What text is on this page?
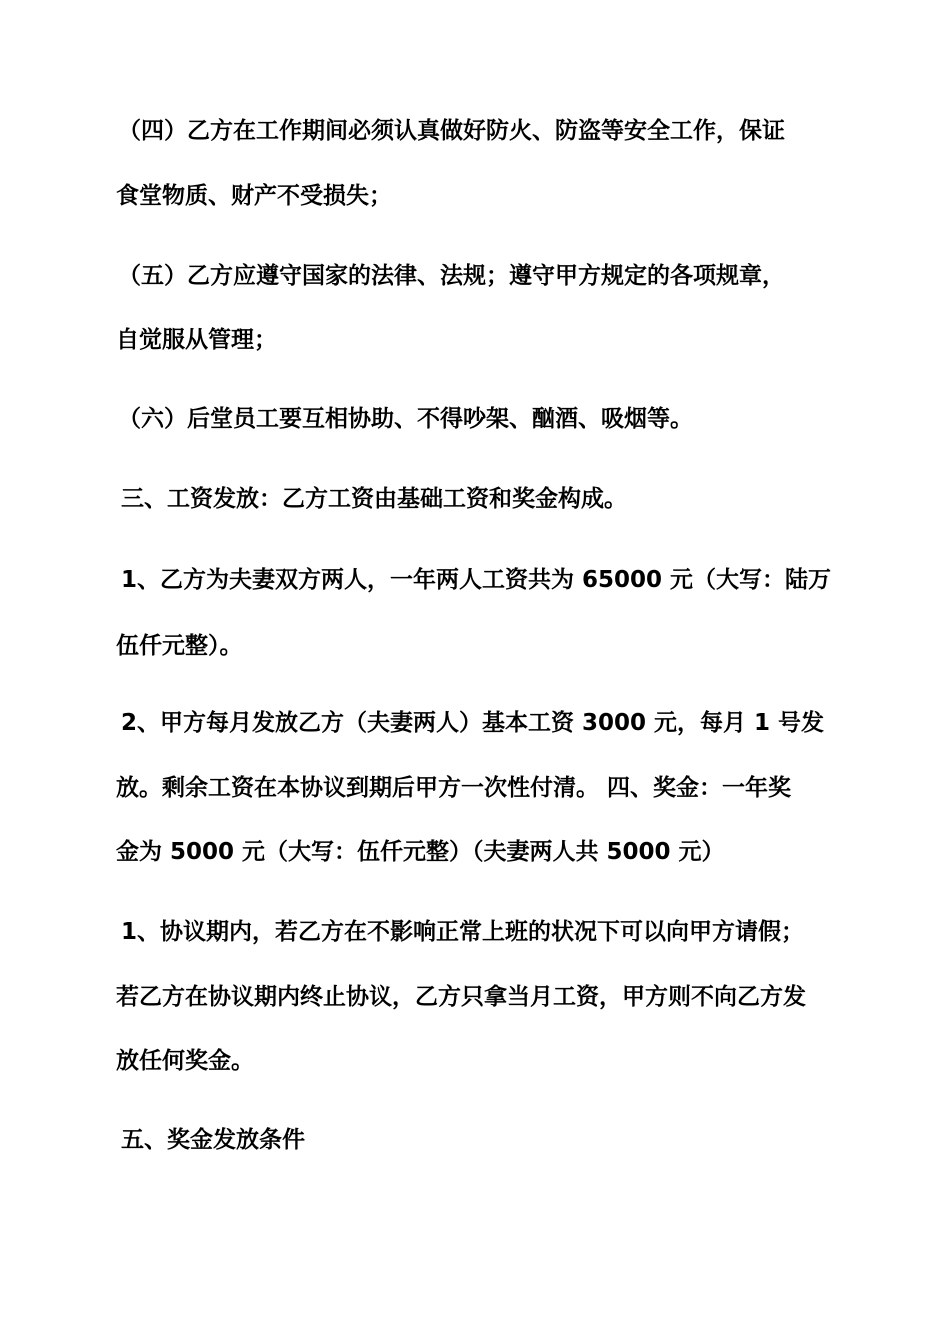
（四）乙方在工作期间必须认真做好防火、防盗等安全工作，保证
食堂物质、财产不受损失；
（五）乙方应遵守国家的法律、法规；遵守甲方规定的各项规章，
自觉服从管理；
（六）后堂员工要互相协助、不得吵架、酗酒、吸烟等。
三、工资发放：乙方工资由基础工资和奖金构成。
1、乙方为夫妻双方两人，一年两人工资共为 65000 元（大写：陆万
伍仟元整）。
2、甲方每月发放乙方（夫妻两人）基本工资 3000 元，每月 1 号发
放。剩余工资在本协议到期后甲方一次性付清。 四、奖金：一年奖
金为 5000 元（大写：伍仟元整）（夫妻两人共 5000 元）
1、协议期内，若乙方在不影响正常上班的状况下可以向甲方请假；
若乙方在协议期内终止协议，乙方只拿当月工资，甲方则不向乙方发
放任何奖金。
五、奖金发放条件
